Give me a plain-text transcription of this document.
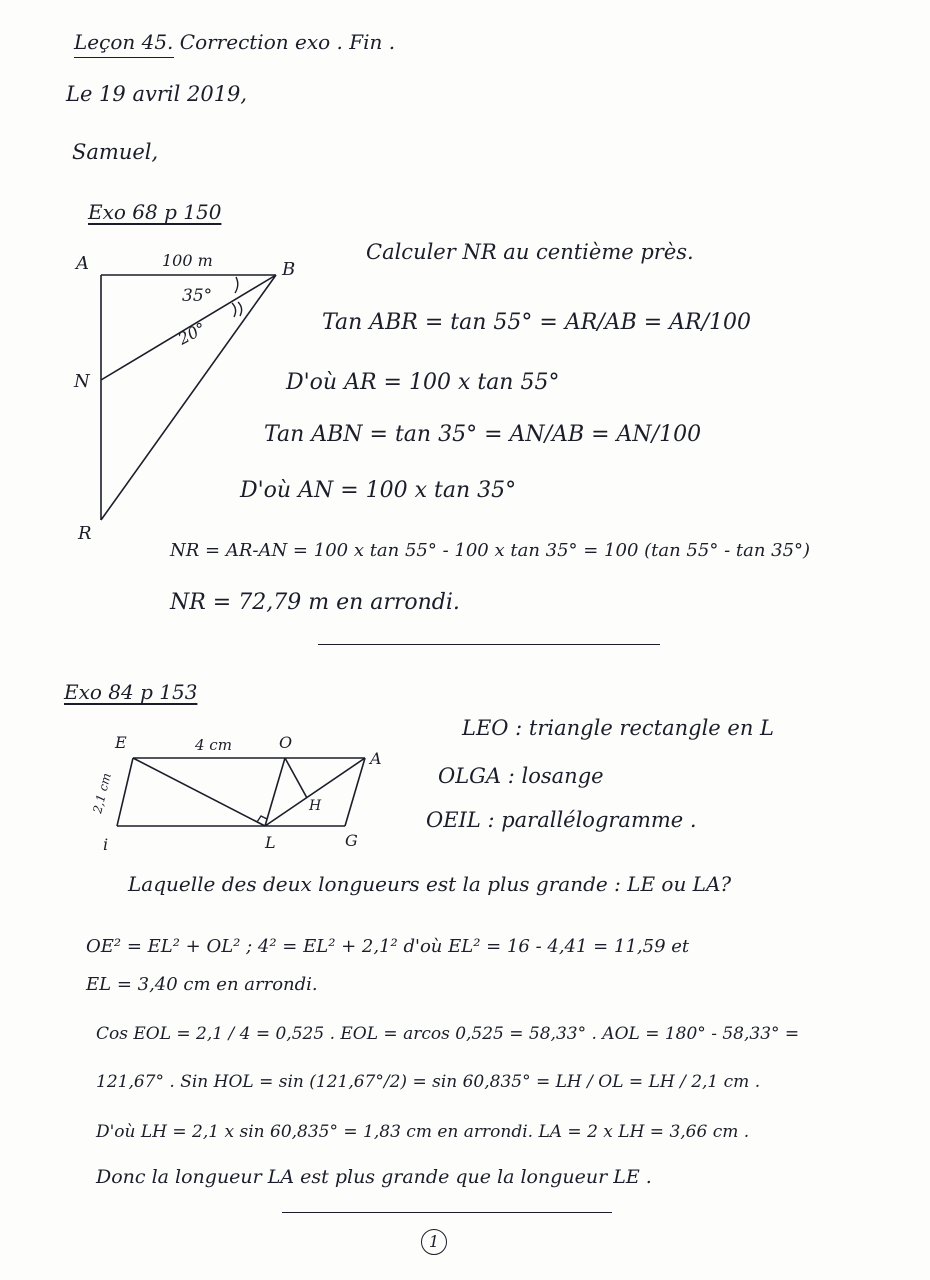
Leçon 45. Correction exo . Fin .
Le 19 avril 2019,
Samuel,
Exo 68 p 150
A	B
N
R
100 m
35°
20°
Calculer NR au centième près.
Tan ABR = tan 55° = AR/AB = AR/100
D'où AR = 100 x tan 55°
Tan ABN = tan 35° = AN/AB = AN/100
D'où AN = 100 x tan 35°
NR = AR-AN = 100 x tan 55° - 100 x tan 35° = 100 (tan 55° - tan 35°)
NR = 72,79 m en arrondi.
Exo 84 p 153
E	O
A
H
i	L	G
4 cm
2,1 cm
LEO : triangle rectangle en L
OLGA : losange
OEIL : parallélogramme .
Laquelle des deux longueurs est la plus grande : LE ou LA?
OE² = EL² + OL² ; 4² = EL² + 2,1² d'où EL² = 16 - 4,41 = 11,59 et
EL = 3,40 cm en arrondi.
Cos EOL = 2,1 / 4 = 0,525 . EOL = arcos 0,525 = 58,33° . AOL = 180° - 58,33° =
121,67° . Sin HOL = sin (121,67°/2) = sin 60,835° = LH / OL = LH / 2,1 cm .
D'où LH = 2,1 x sin 60,835° = 1,83 cm en arrondi. LA = 2 x LH = 3,66 cm .
Donc la longueur LA est plus grande que la longueur LE .
1
